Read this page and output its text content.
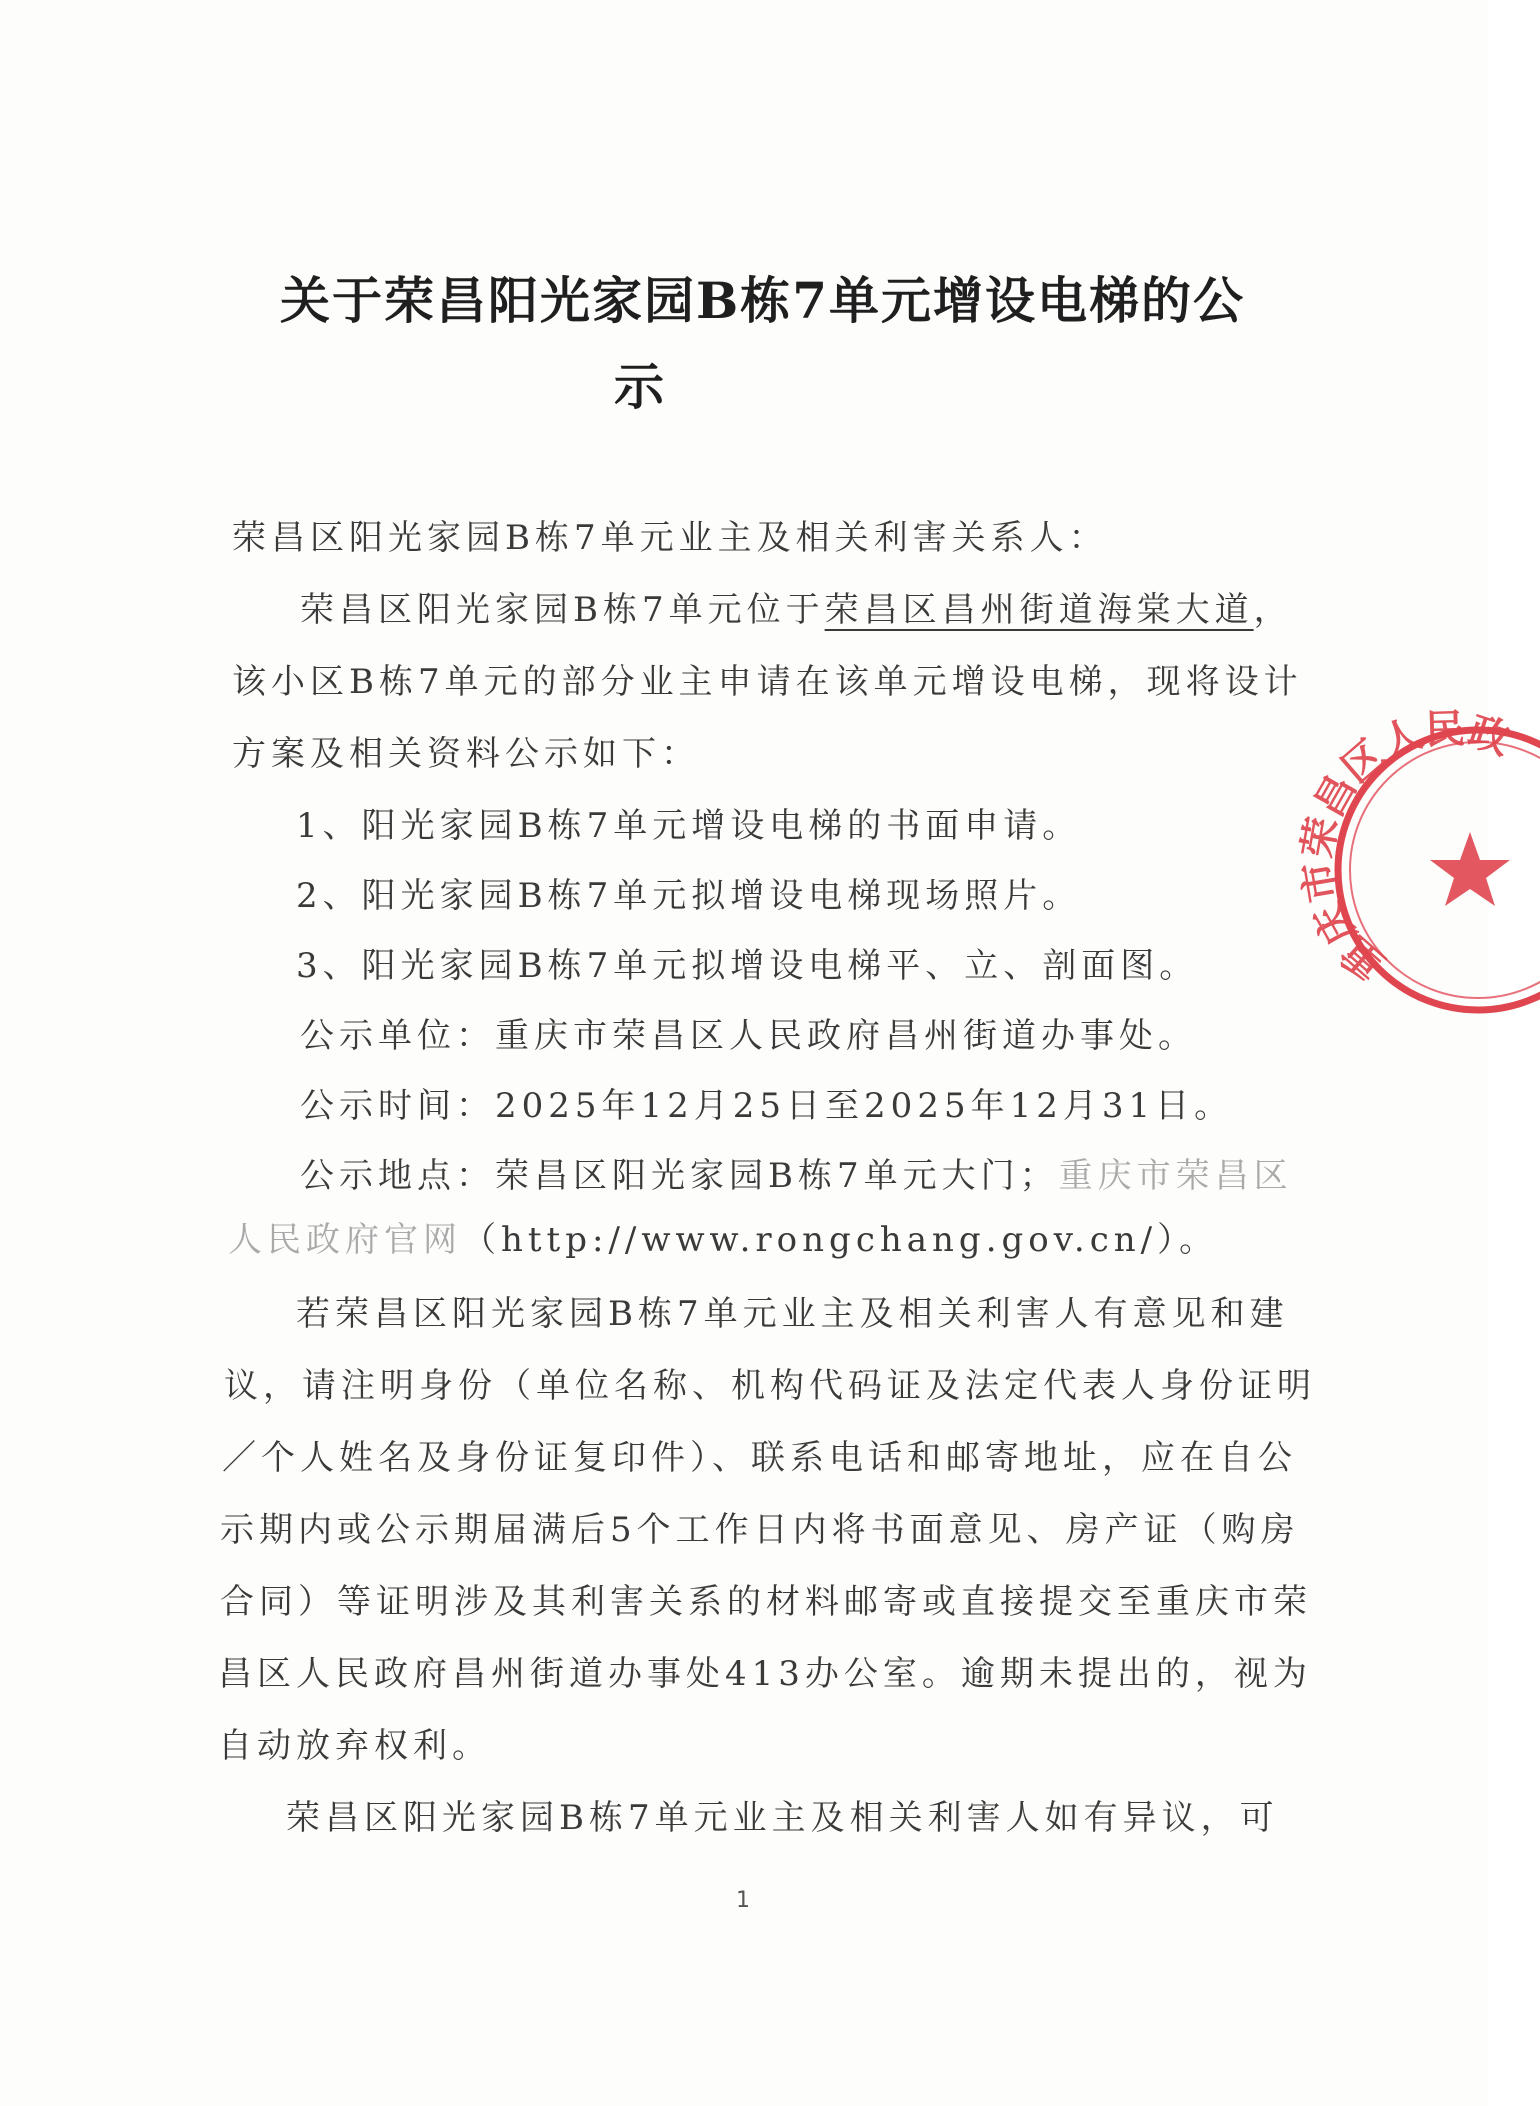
关于荣昌阳光家园B栋7单元增设电梯的公

示
荣昌区阳光家园B栋7单元业主及相关利害关系人：
荣昌区阳光家园B栋7单元位于荣昌区昌州街道海棠大道，
该小区B栋7单元的部分业主申请在该单元增设电梯，现将设计
方案及相关资料公示如下：
1、阳光家园B栋7单元增设电梯的书面申请。
2、阳光家园B栋7单元拟增设电梯现场照片。
3、阳光家园B栋7单元拟增设电梯平、立、剖面图。
公示单位：重庆市荣昌区人民政府昌州街道办事处。
公示时间：2025年12月25日至2025年12月31日。
公示地点：荣昌区阳光家园B栋7单元大门；重庆市荣昌区
人民政府官网（http://www.rongchang.gov.cn/）。
若荣昌区阳光家园B栋7单元业主及相关利害人有意见和建
议，请注明身份（单位名称、机构代码证及法定代表人身份证明
／个人姓名及身份证复印件）、联系电话和邮寄地址，应在自公
示期内或公示期届满后5个工作日内将书面意见、房产证（购房
合同）等证明涉及其利害关系的材料邮寄或直接提交至重庆市荣
昌区人民政府昌州街道办事处413办公室。逾期未提出的，视为
自动放弃权利。
荣昌区阳光家园B栋7单元业主及相关利害人如有异议，可
重庆市荣昌区人民政府
1
